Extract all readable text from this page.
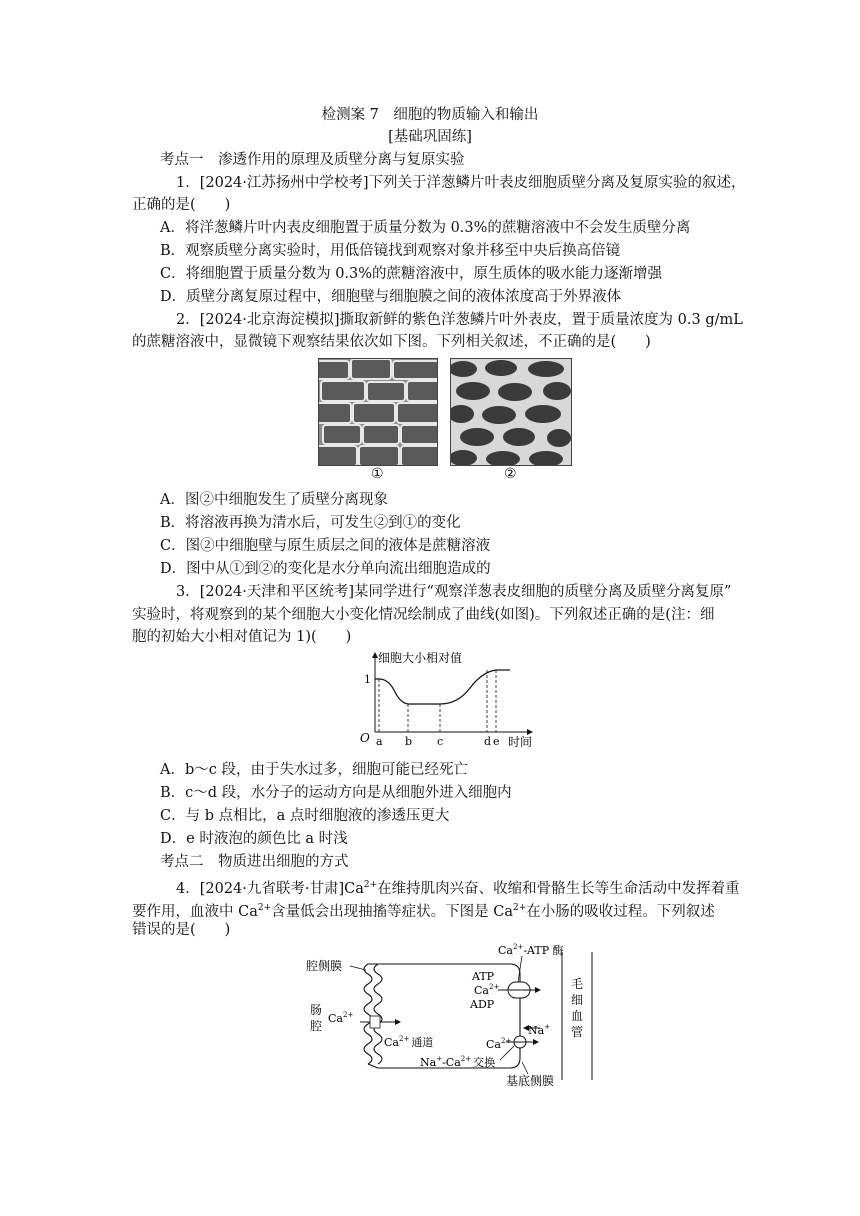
检测案 7　细胞的物质输入和输出
[基础巩固练]
考点一　渗透作用的原理及质壁分离与复原实验
1．[2024·江苏扬州中学校考]下列关于洋葱鳞片叶表皮细胞质壁分离及复原实验的叙述，
正确的是(　　)
A．将洋葱鳞片叶内表皮细胞置于质量分数为 0.3%的蔗糖溶液中不会发生质壁分离
B．观察质壁分离实验时，用低倍镜找到观察对象并移至中央后换高倍镜
C．将细胞置于质量分数为 0.3%的蔗糖溶液中，原生质体的吸水能力逐渐增强
D．质壁分离复原过程中，细胞壁与细胞膜之间的液体浓度高于外界液体
2．[2024·北京海淀模拟]撕取新鲜的紫色洋葱鳞片叶外表皮，置于质量浓度为 0.3 g/mL
的蔗糖溶液中，显微镜下观察结果依次如下图。下列相关叙述，不正确的是(　　)
①	②
A．图②中细胞发生了质壁分离现象
B．将溶液再换为清水后，可发生②到①的变化
C．图②中细胞壁与原生质层之间的液体是蔗糖溶液
D．图中从①到②的变化是水分单向流出细胞造成的
3．[2024·天津和平区统考]某同学进行“观察洋葱表皮细胞的质壁分离及质壁分离复原”
实验时，将观察到的某个细胞大小变化情况绘制成了曲线(如图)。下列叙述正确的是(注：细
胞的初始大小相对值记为 1)(　　)
细胞大小相对值
1
O	时间
a b c	d e
A．b～c 段，由于失水过多，细胞可能已经死亡
B．c～d 段，水分子的运动方向是从细胞外进入细胞内
C．与 b 点相比，a 点时细胞液的渗透压更大
D．e 时液泡的颜色比 a 时浅
考点二　物质进出细胞的方式
4．[2024·九省联考·甘肃]$Ca^{2+}$在维持肌肉兴奋、收缩和骨骼生长等生命活动中发挥着重
要作用，血液中 $Ca^{2+}$含量低会出现抽搐等症状。下图是 $Ca^{2+}$在小肠的吸收过程。下列叙述
错误的是(　　)
毛
细
血
管
腔侧膜
肠
腔
$Ca^{2+}$
$Ca^{2+}$ 通道
$Ca^{2+}$-ATP 酶
ATP
$Ca^{2+}$
ADP
Na+
$Ca^{2+}$
$Na^+-Ca^{2+}$ 交换
基底侧膜
